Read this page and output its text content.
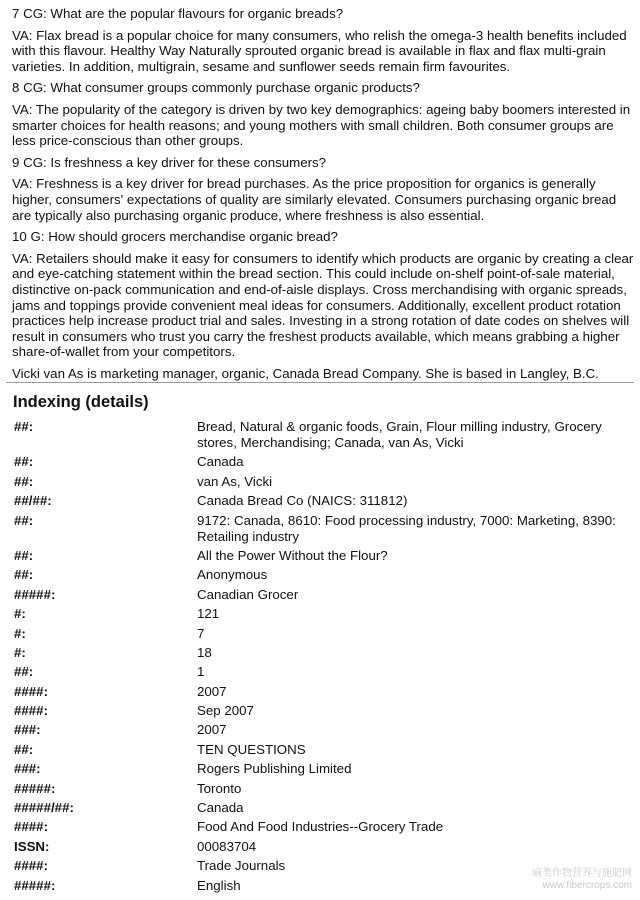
7 CG: What are the popular flavours for organic breads?

VA: Flax bread is a popular choice for many consumers, who relish the omega-3 health benefits included with this flavour. Healthy Way Naturally sprouted organic bread is available in flax and flax multi-grain varieties. In addition, multigrain, sesame and sunflower seeds remain firm favourites.

8 CG: What consumer groups commonly purchase organic products?

VA: The popularity of the category is driven by two key demographics: ageing baby boomers interested in smarter choices for health reasons; and young mothers with small children. Both consumer groups are less price-conscious than other groups.

9 CG: Is freshness a key driver for these consumers?

VA: Freshness is a key driver for bread purchases. As the price proposition for organics is generally higher, consumers' expectations of quality are similarly elevated. Consumers purchasing organic bread are typically also purchasing organic produce, where freshness is also essential.

10 G: How should grocers merchandise organic bread?

VA: Retailers should make it easy for consumers to identify which products are organic by creating a clear and eye-catching statement within the bread section. This could include on-shelf point-of-sale material, distinctive on-pack communication and end-of-aisle displays. Cross merchandising with organic spreads, jams and toppings provide convenient meal ideas for consumers. Additionally, excellent product rotation practices help increase product trial and sales. Investing in a strong rotation of date codes on shelves will result in consumers who trust you carry the freshest products available, which means grabbing a higher share-of-wallet from your competitors.

Vicki van As is marketing manager, organic, Canada Bread Company. She is based in Langley, B.C.

Indexing (details)
##:	Bread, Natural & organic foods, Grain, Flour milling industry, Grocery stores, Merchandising; Canada, van As, Vicki
##:	Canada
##:	van As, Vicki
##/##:	Canada Bread Co (NAICS: 311812)
##:	9172: Canada, 8610: Food processing industry, 7000: Marketing, 8390: Retailing industry
##:	All the Power Without the Flour?
##:	Anonymous
#####:	Canadian Grocer
#:	121
#:	7
#:	18
##:	1
####:	2007
####:	Sep 2007
###:	2007
##:	TEN QUESTIONS
###:	Rogers Publishing Limited
#####:	Toronto
#####/##:	Canada
####:	Food And Food Industries--Grocery Trade
ISSN:	00083704
####:	Trade Journals
#####:	English
麻类作物营养与施肥网
www.fibercrops.com
